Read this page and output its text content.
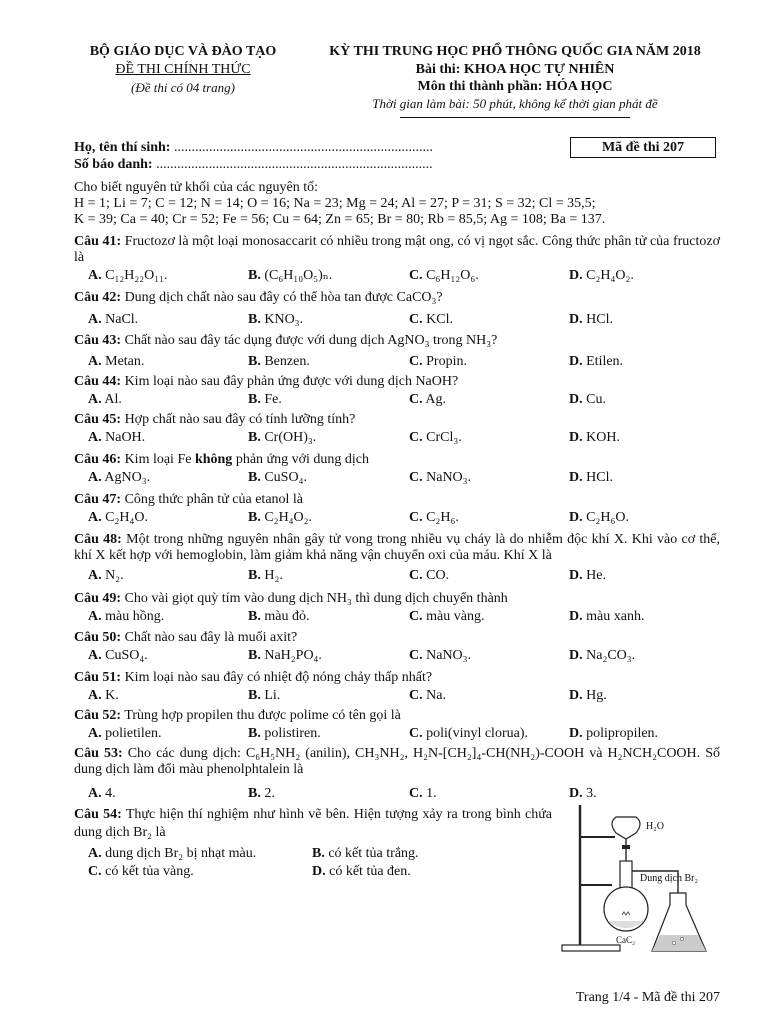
BỘ GIÁO DỤC VÀ ĐÀO TẠO
ĐỀ THI CHÍNH THỨC
(Đề thi có 04 trang)
KỲ THI TRUNG HỌC PHỔ THÔNG QUỐC GIA NĂM 2018
Bài thi: KHOA HỌC TỰ NHIÊN
Môn thi thành phần: HÓA HỌC
Thời gian làm bài: 50 phút, không kể thời gian phát đề
Họ, tên thí sinh: ..........................................................................
Số báo danh: ...............................................................................
Mã đề thi 207
Cho biết nguyên tử khối của các nguyên tố:
H = 1; Li = 7; C = 12; N = 14; O = 16; Na = 23; Mg = 24; Al = 27; P = 31; S = 32; Cl = 35,5;
K = 39; Ca = 40; Cr = 52; Fe = 56; Cu = 64; Zn = 65; Br = 80; Rb = 85,5; Ag = 108; Ba = 137.
Câu 41: Fructozơ là một loại monosaccarit có nhiều trong mật ong, có vị ngọt sắc. Công thức phân tử của fructozơ là
A. C₁₂H₂₂O₁₁.	B. (C₆H₁₀O₅)ₙ.	C. C₆H₁₂O₆.	D. C₂H₄O₂.
Câu 42: Dung dịch chất nào sau đây có thể hòa tan được CaCO₃?
A. NaCl.	B. KNO₃.	C. KCl.	D. HCl.
Câu 43: Chất nào sau đây tác dụng được với dung dịch AgNO₃ trong NH₃?
A. Metan.	B. Benzen.	C. Propin.	D. Etilen.
Câu 44: Kim loại nào sau đây phản ứng được với dung dịch NaOH?
A. Al.	B. Fe.	C. Ag.	D. Cu.
Câu 45: Hợp chất nào sau đây có tính lưỡng tính?
A. NaOH.	B. Cr(OH)₃.	C. CrCl₃.	D. KOH.
Câu 46: Kim loại Fe không phản ứng với dung dịch
A. AgNO₃.	B. CuSO₄.	C. NaNO₃.	D. HCl.
Câu 47: Công thức phân tử của etanol là
A. C₂H₄O.	B. C₂H₄O₂.	C. C₂H₆.	D. C₂H₆O.
Câu 48: Một trong những nguyên nhân gây tử vong trong nhiều vụ cháy là do nhiễm độc khí X. Khi vào cơ thể, khí X kết hợp với hemoglobin, làm giảm khả năng vận chuyển oxi của máu. Khí X là
A. N₂.	B. H₂.	C. CO.	D. He.
Câu 49: Cho vài giọt quỳ tím vào dung dịch NH₃ thì dung dịch chuyển thành
A. màu hồng.	B. màu đỏ.	C. màu vàng.	D. màu xanh.
Câu 50: Chất nào sau đây là muối axit?
A. CuSO₄.	B. NaH₂PO₄.	C. NaNO₃.	D. Na₂CO₃.
Câu 51: Kim loại nào sau đây có nhiệt độ nóng chảy thấp nhất?
A. K.	B. Li.	C. Na.	D. Hg.
Câu 52: Trùng hợp propilen thu được polime có tên gọi là
A. polietilen.	B. polistiren.	C. poli(vinyl clorua).	D. polipropilen.
Câu 53: Cho các dung dịch: C₆H₅NH₂ (anilin), CH₃NH₂, H₂N-[CH₂]₄-CH(NH₂)-COOH và H₂NCH₂COOH. Số dung dịch làm đổi màu phenolphtalein là
A. 4.	B. 2.	C. 1.	D. 3.
Câu 54: Thực hiện thí nghiệm như hình vẽ bên. Hiện tượng xảy ra trong bình chứa dung dịch Br₂ là
A. dung dịch Br₂ bị nhạt màu.	B. có kết tủa trắng.
C. có kết tủa vàng.	D. có kết tủa đen.
H₂O
Dung dịch Br₂
CaC₂
Trang 1/4 - Mã đề thi 207
